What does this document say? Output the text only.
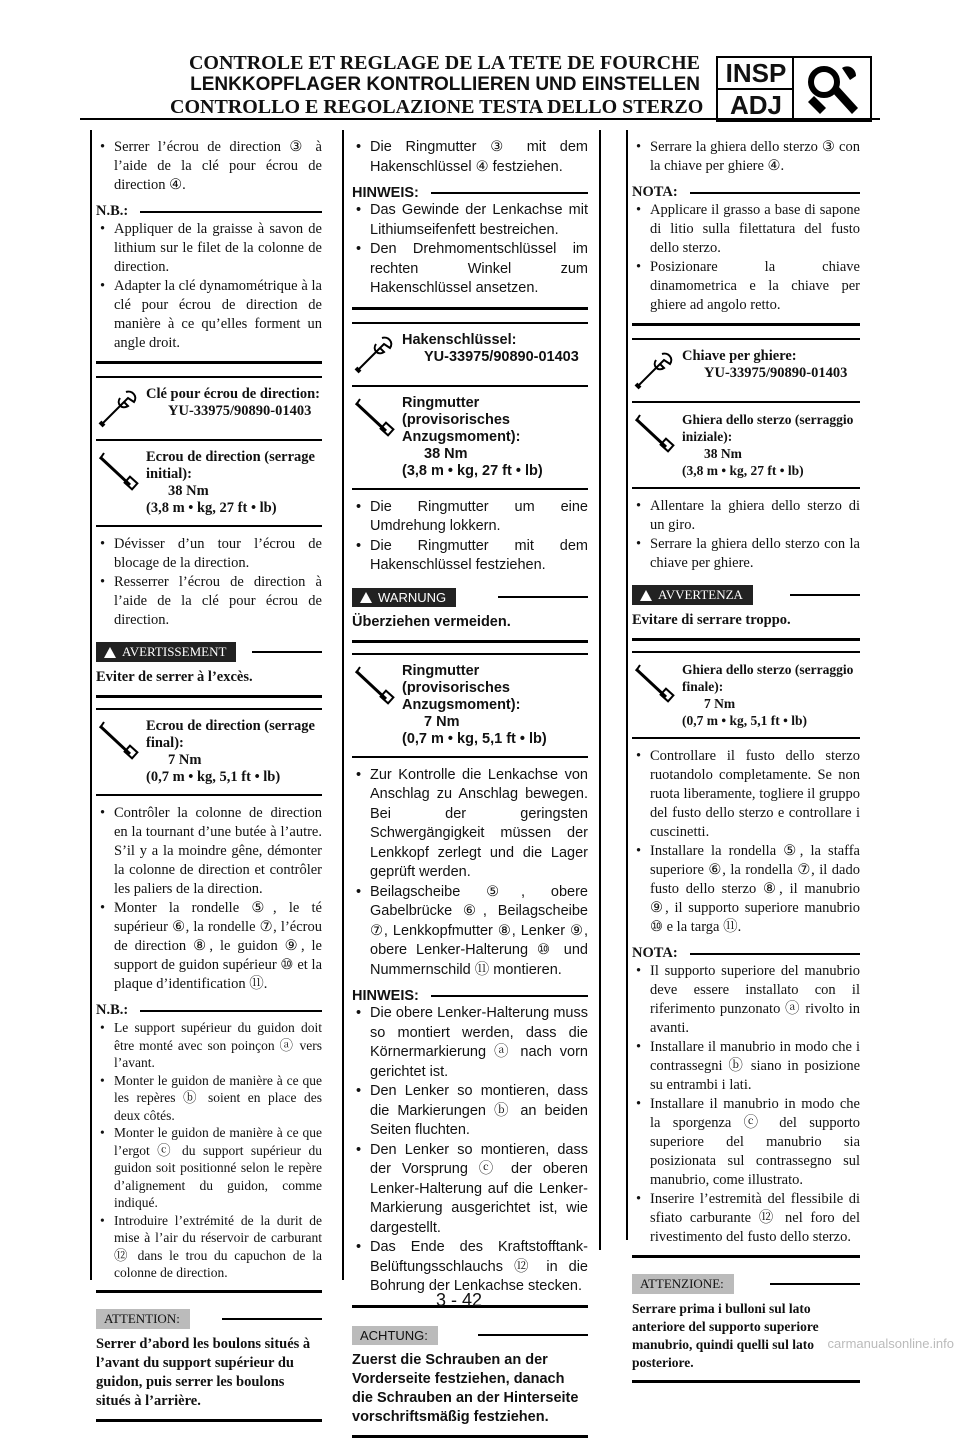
CONTROLE ET REGLAGE DE LA TETE DE FOURCHE
LENKKOPFLAGER KONTROLLIEREN UND EINSTELLEN
CONTROLLO E REGOLAZIONE TESTA DELLO STERZO
INSP
ADJ

• Serrer l’écrou de direction ③ à l’aide de la clé pour écrou de direction ④.

N.B.:

• Appliquer de la graisse à savon de lithium sur le filet de la colonne de direction.

• Adapter la clé dynamométrique à la clé pour écrou de direction de manière à ce qu’elles forment un angle droit.

Clé pour écrou de direction:
YU-33975/90890-01403
Ecrou de direction (serrage initial):
38 Nm
(3,8 m • kg, 27 ft • lb)

• Dévisser d’un tour l’écrou de blocage de la direction.

• Resserrer l’écrou de direction à l’aide de la clé pour écrou de direction.

AVERTISSEMENT
Eviter de serrer à l’excès.
Ecrou de direction (serrage final):
7 Nm
(0,7 m • kg, 5,1 ft • lb)

• Contrôler la colonne de direction en la tournant d’une butée à l’autre. S’il y a la moindre gêne, démonter la colonne de direction et contrôler les paliers de la direction.

• Monter la rondelle ⑤, le té supérieur ⑥, la rondelle ⑦, l’écrou de direction ⑧, le guidon ⑨, le support de guidon supérieur ⑩ et la plaque d’identification ⑪.

N.B.:

• Le support supérieur du guidon doit être monté avec son poinçon ⓐ vers l’avant.

• Monter le guidon de manière à ce que les repères ⓑ soient en place des deux côtés.

• Monter le guidon de manière à ce que l’ergot ⓒ du support supérieur du guidon soit positionné selon le repère d’alignement du guidon, comme indiqué.

• Introduire l’extrémité de la durit de mise à l’air du réservoir de carburant ⑫ dans le trou du capuchon de la colonne de direction.

ATTENTION:
Serrer d’abord les boulons situés à l’avant du support supérieur du guidon, puis serrer les boulons situés à l’arrière.

• Die Ringmutter ③ mit dem Hakenschlüssel ④ festziehen.

HINWEIS:

• Das Gewinde der Lenkachse mit Lithiumseifenfett bestreichen.

• Den Drehmomentschlüssel im rechten Winkel zum Hakenschlüssel ansetzen.

Hakenschlüssel:
YU-33975/90890-01403
Ringmutter (provisorisches Anzugsmoment):
38 Nm
(3,8 m • kg, 27 ft • lb)

• Die Ringmutter um eine Umdrehung lokkern.

• Die Ringmutter mit dem Hakenschlüssel festziehen.

WARNUNG
Überziehen vermeiden.
Ringmutter (provisorisches Anzugsmoment):
7 Nm
(0,7 m • kg, 5,1 ft • lb)

• Zur Kontrolle die Lenkachse von Anschlag zu Anschlag bewegen. Bei der geringsten Schwergängigkeit müssen der Lenkkopf zerlegt und die Lager geprüft werden.

• Beilagscheibe ⑤, obere Gabelbrücke ⑥, Beilagscheibe ⑦, Lenkkopfmutter ⑧, Lenker ⑨, obere Lenker-Halterung ⑩ und Nummernschild ⑪ montieren.

HINWEIS:

• Die obere Lenker-Halterung muss so montiert werden, dass die Körnermarkierung ⓐ nach vorn gerichtet ist.

• Den Lenker so montieren, dass die Markierungen ⓑ an beiden Seiten fluchten.

• Den Lenker so montieren, dass der Vorsprung ⓒ der oberen Lenker-Halterung auf die Lenker-Markierung ausgerichtet ist, wie dargestellt.

• Das Ende des Kraftstofftank-Belüftungsschlauchs ⑫ in die Bohrung der Lenkachse stecken.

ACHTUNG:
Zuerst die Schrauben an der Vorderseite festziehen, danach die Schrauben an der Hinterseite vorschriftsmäßig festziehen.

• Serrare la ghiera dello sterzo ③ con la chiave per ghiere ④.

NOTA:

• Applicare il grasso a base di sapone di litio sulla filettatura del fusto dello sterzo.

• Posizionare la chiave dinamometrica e la chiave per ghiere ad angolo retto.

Chiave per ghiere:
YU-33975/90890-01403
Ghiera dello sterzo (serraggio iniziale):
38 Nm
(3,8 m • kg, 27 ft • lb)

• Allentare la ghiera dello sterzo di un giro.

• Serrare la ghiera dello sterzo con la chiave per ghiere.

AVVERTENZA
Evitare di serrare troppo.
Ghiera dello sterzo (serraggio finale):
7 Nm
(0,7 m • kg, 5,1 ft • lb)

• Controllare il fusto dello sterzo ruotandolo completamente. Se non ruota liberamente, togliere il gruppo del fusto dello sterzo e controllare i cuscinetti.

• Installare la rondella ⑤, la staffa superiore ⑥, la rondella ⑦, il dado fusto dello sterzo ⑧, il manubrio ⑨, il supporto superiore manubrio ⑩ e la targa ⑪.

NOTA:

• Il supporto superiore del manubrio deve essere installato con il riferimento punzonato ⓐ rivolto in avanti.

• Installare il manubrio in modo che i contrassegni ⓑ siano in posizione su entrambi i lati.

• Installare il manubrio in modo che la sporgenza ⓒ del supporto superiore del manubrio sia posizionata sul contrassegno sul manubrio, come illustrato.

• Inserire l’estremità del flessibile di sfiato carburante ⑫ nel foro del rivestimento del fusto dello sterzo.

ATTENZIONE:
Serrare prima i bulloni sul lato anteriore del supporto superiore manubrio, quindi quelli sul lato posteriore.
3 - 42
carmanualsonline.info
